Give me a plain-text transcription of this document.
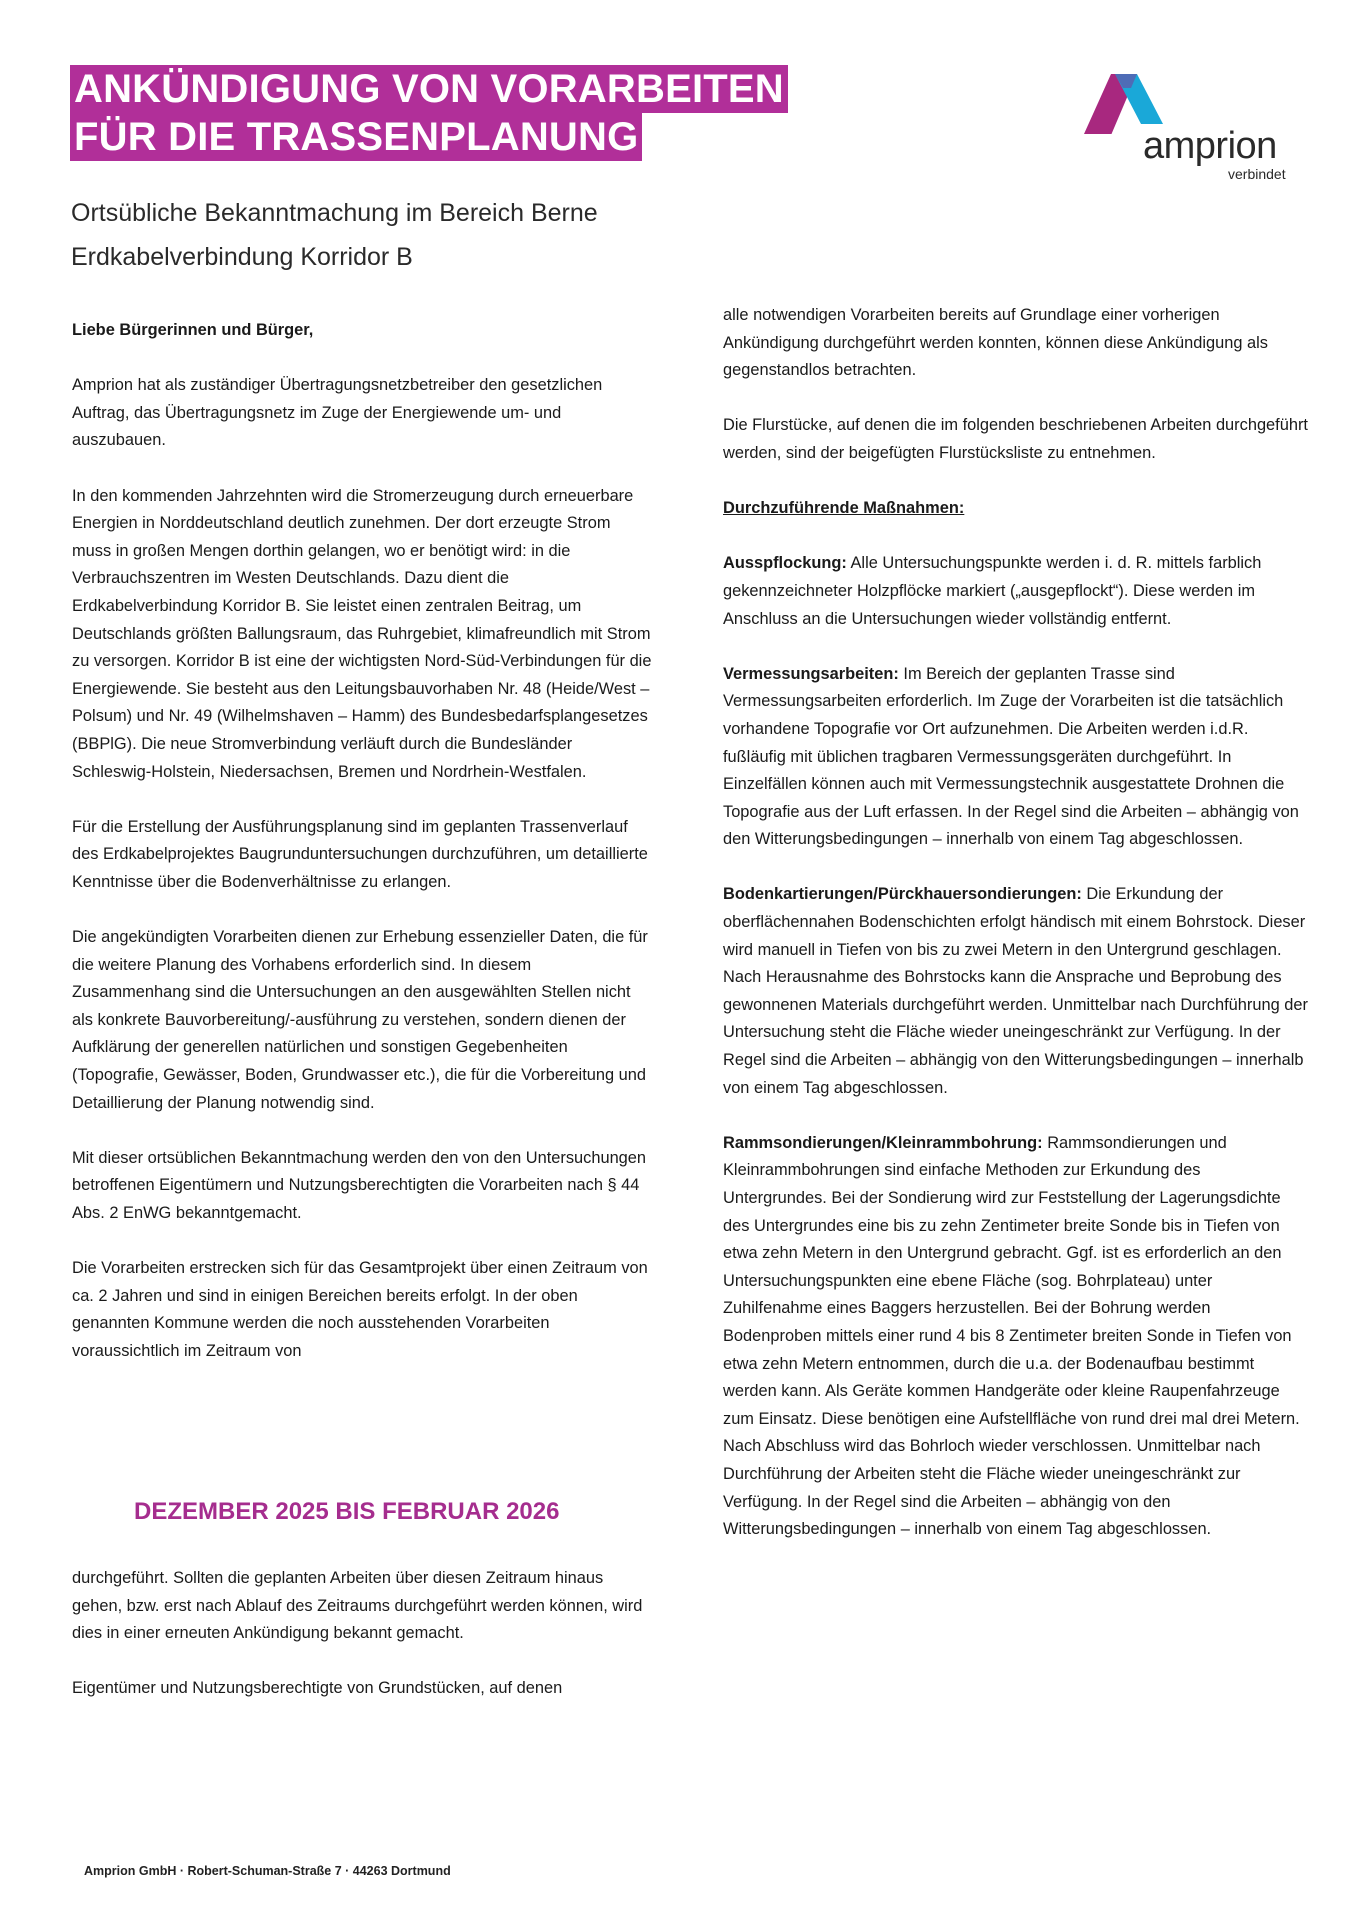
ANKÜNDIGUNG VON VORARBEITEN
FÜR DIE TRASSENPLANUNG	amprion
verbindet
Ortsübliche Bekanntmachung im Bereich Berne
Erdkabelverbindung Korridor B

Liebe Bürgerinnen und Bürger,

Amprion hat als zuständiger Übertragungsnetzbetreiber den gesetzlichen Auftrag, das Übertragungsnetz im Zuge der Energiewende um- und auszubauen.

In den kommenden Jahrzehnten wird die Stromerzeugung durch erneuerbare Energien in Norddeutschland deutlich zunehmen. Der dort erzeugte Strom muss in großen Mengen dorthin gelangen, wo er benötigt wird: in die Verbrauchszentren im Westen Deutschlands. Dazu dient die Erdkabelverbindung Korridor B. Sie leistet einen zentralen Beitrag, um Deutschlands größten Ballungsraum, das Ruhrgebiet, klimafreundlich mit Strom zu versorgen. Korridor B ist eine der wichtigsten Nord-Süd-Verbindungen für die Energiewende. Sie besteht aus den Leitungsbauvorhaben Nr. 48 (Heide/West – Polsum) und Nr. 49 (Wilhelmshaven – Hamm) des Bundesbedarfsplangesetzes (BBPlG). Die neue Stromverbindung verläuft durch die Bundesländer Schleswig-Holstein, Niedersachsen, Bremen und Nordrhein-Westfalen.

Für die Erstellung der Ausführungsplanung sind im geplanten Trassenverlauf des Erdkabelprojektes Baugrunduntersuchungen durchzuführen, um detaillierte Kenntnisse über die Bodenverhältnisse zu erlangen.

Die angekündigten Vorarbeiten dienen zur Erhebung essenzieller Daten, die für die weitere Planung des Vorhabens erforderlich sind. In diesem Zusammenhang sind die Untersuchungen an den ausgewählten Stellen nicht als konkrete Bauvorbereitung/-ausführung zu verstehen, sondern dienen der Aufklärung der generellen natürlichen und sonstigen Gegebenheiten (Topografie, Gewässer, Boden, Grundwasser etc.), die für die Vorbereitung und Detaillierung der Planung notwendig sind.

Mit dieser ortsüblichen Bekanntmachung werden den von den Untersuchungen betroffenen Eigentümern und Nutzungsberechtigten die Vorarbeiten nach § 44 Abs. 2 EnWG bekanntgemacht.

Die Vorarbeiten erstrecken sich für das Gesamtprojekt über einen Zeitraum von ca. 2 Jahren und sind in einigen Bereichen bereits erfolgt. In der oben genannten Kommune werden die noch ausstehenden Vorarbeiten voraussichtlich im Zeitraum von

DEZEMBER 2025 BIS FEBRUAR 2026

durchgeführt. Sollten die geplanten Arbeiten über diesen Zeitraum hinaus gehen, bzw. erst nach Ablauf des Zeitraums durchgeführt werden können, wird dies in einer erneuten Ankündigung bekannt gemacht.

Eigentümer und Nutzungsberechtigte von Grundstücken, auf denen

alle notwendigen Vorarbeiten bereits auf Grundlage einer vorherigen Ankündigung durchgeführt werden konnten, können diese Ankündigung als gegenstandlos betrachten.

Die Flurstücke, auf denen die im folgenden beschriebenen Arbeiten durchgeführt werden, sind der beigefügten Flurstücksliste zu entnehmen.

Durchzuführende Maßnahmen:

Ausspflockung: Alle Untersuchungspunkte werden i. d. R. mittels farblich gekennzeichneter Holzpflöcke markiert („ausgepflockt“). Diese werden im Anschluss an die Untersuchungen wieder vollständig entfernt.

Vermessungsarbeiten: Im Bereich der geplanten Trasse sind Vermessungsarbeiten erforderlich. Im Zuge der Vorarbeiten ist die tatsächlich vorhandene Topografie vor Ort aufzunehmen. Die Arbeiten werden i.d.R. fußläufig mit üblichen tragbaren Vermessungsgeräten durchgeführt. In Einzelfällen können auch mit Vermessungstechnik ausgestattete Drohnen die Topografie aus der Luft erfassen. In der Regel sind die Arbeiten – abhängig von den Witterungsbedingungen – innerhalb von einem Tag abgeschlossen.

Bodenkartierungen/Pürckhauersondierungen: Die Erkundung der oberflächennahen Bodenschichten erfolgt händisch mit einem Bohrstock. Dieser wird manuell in Tiefen von bis zu zwei Metern in den Untergrund geschlagen. Nach Herausnahme des Bohrstocks kann die Ansprache und Beprobung des gewonnenen Materials durchgeführt werden. Unmittelbar nach Durchführung der Untersuchung steht die Fläche wieder uneingeschränkt zur Verfügung. In der Regel sind die Arbeiten – abhängig von den Witterungsbedingungen – innerhalb von einem Tag abgeschlossen.

Rammsondierungen/Kleinrammbohrung: Rammsondierungen und Kleinrammbohrungen sind einfache Methoden zur Erkundung des Untergrundes. Bei der Sondierung wird zur Feststellung der Lagerungsdichte des Untergrundes eine bis zu zehn Zentimeter breite Sonde bis in Tiefen von etwa zehn Metern in den Untergrund gebracht. Ggf. ist es erforderlich an den Untersuchungspunkten eine ebene Fläche (sog. Bohrplateau) unter Zuhilfenahme eines Baggers herzustellen. Bei der Bohrung werden Bodenproben mittels einer rund 4 bis 8 Zentimeter breiten Sonde in Tiefen von etwa zehn Metern entnommen, durch die u.a. der Bodenaufbau bestimmt werden kann. Als Geräte kommen Handgeräte oder kleine Raupenfahrzeuge zum Einsatz. Diese benötigen eine Aufstellfläche von rund drei mal drei Metern. Nach Abschluss wird das Bohrloch wieder verschlossen. Unmittelbar nach Durchführung der Arbeiten steht die Fläche wieder uneingeschränkt zur Verfügung. In der Regel sind die Arbeiten – abhängig von den Witterungsbedingungen – innerhalb von einem Tag abgeschlossen.

Amprion GmbH · Robert-Schuman-Straße 7 · 44263 Dortmund
